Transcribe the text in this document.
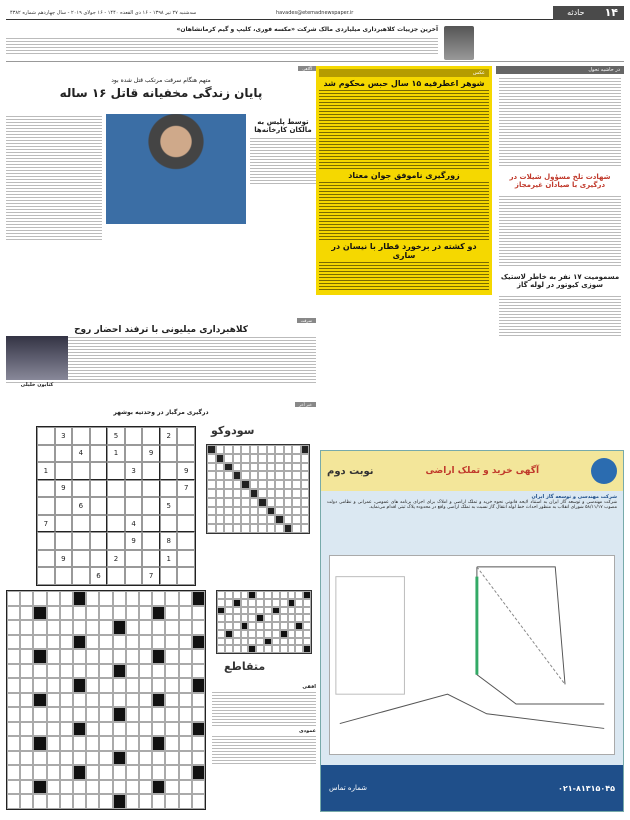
سه‌شنبه ۲۷ تیر ۱۳۹۸ - ۱۶ ذی القعده ۱۴۴۰ - ۱۶ جولای ۲۰۱۹ - سال چهاردهم شماره ۴۳۸۲	havades@etemadnewspaper.ir	حادثه	۱۴
آخرین جزییات کلاهبرداری میلیاردی مالک شرکت «مکسه فوری، کلیپ و گیم کرمانشاهان»
در حاشیه تحول
شهادت تلخ مسؤول شیلات در درگیری با صیادان غیرمجاز
مسمومیت ۱۷ نفر به خاطر لاستیک سوزی کیوتور در لوله گاز
عکس
شوهر اعطرفیه ۱۵ سال حبس محکوم شد
زورگیری ناموفق جوان معتاد
دو کشته در برخورد قطار با نیسان در ساری
آگاهی
متهم هنگام سرقت مرتکب قتل شده بود
پایان زندگی مخفیانه قاتل ۱۶ ساله
توسط پلیس به مالکان کارخانه‌ها
سرقت
کلاهبرداری میلیونی با ترفند احضار روح
کتایون خلیلی
خبر آخر
درگیری مرگبار در وحدتیه بوشهر
2
5
3
9
1
4
9
3
1
7
9
5
6
4
7
8
9
1
2
9
7
6
سودوکو
متقاطع
افقی
عمودی
آگهی خرید و تملک اراضی
نوبت دوم
شرکت مهندسی و توسعه گاز ایران
شرکت مهندسی و توسعه گاز ایران به استناد لایحه قانونی نحوه خرید و تملک اراضی و املاک برای اجرای برنامه های عمومی، عمرانی و نظامی دولت مصوب ۵۸/۱۱/۱۷ شورای انقلاب به منظور احداث خط لوله انتقال گاز نسبت به تملک اراضی واقع در محدوده پلاک ثبتی اقدام می‌نماید.
۰۲۱-۸۱۳۱۵۰۴۵
شماره تماس
